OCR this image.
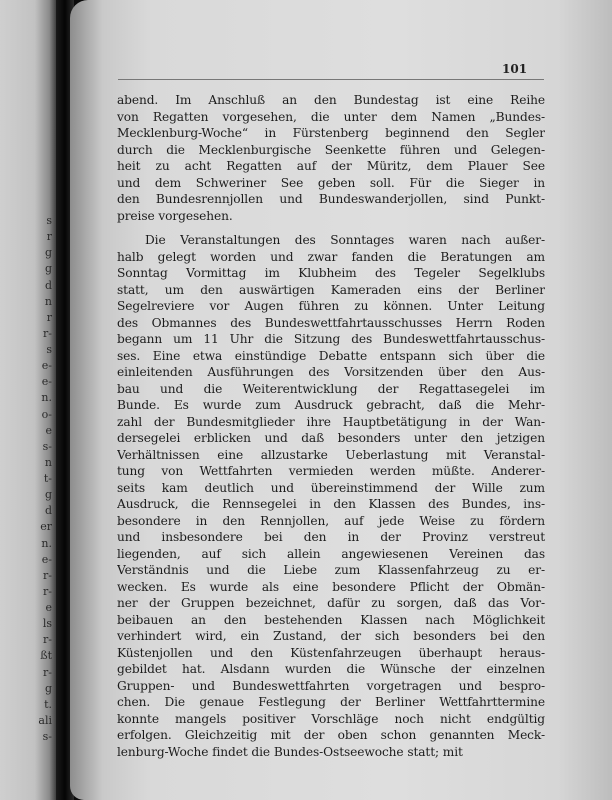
s
r
g
g
d
n
r
r-
s
e-
e-
n.
o-
e
s-
n
t-
g
d
er
n.
e-
r-
r-
e
ls
r-
ßt
r-
g
t.
ali
s-
101

abend. Im Anschluß an den Bundestag ist eine Reihe
von Regatten vorgesehen, die unter dem Namen „Bundes-
Mecklenburg-Woche“ in Fürstenberg beginnend den Segler
durch die Mecklenburgische Seenkette führen und Gelegen-
heit zu acht Regatten auf der Müritz, dem Plauer See
und dem Schweriner See geben soll. Für die Sieger in
den Bundesrennjollen und Bundeswanderjollen, sind Punkt-
preise vorgesehen.

Die Veranstaltungen des Sonntages waren nach außer-
halb gelegt worden und zwar fanden die Beratungen am
Sonntag Vormittag im Klubheim des Tegeler Segelklubs
statt, um den auswärtigen Kameraden eins der Berliner
Segelreviere vor Augen führen zu können. Unter Leitung
des Obmannes des Bundeswettfahrtausschusses Herrn Roden
begann um 11 Uhr die Sitzung des Bundeswettfahrtausschus-
ses. Eine etwa einstündige Debatte entspann sich über die
einleitenden Ausführungen des Vorsitzenden über den Aus-
bau und die Weiterentwicklung der Regattasegelei im
Bunde. Es wurde zum Ausdruck gebracht, daß die Mehr-
zahl der Bundesmitglieder ihre Hauptbetätigung in der Wan-
dersegelei erblicken und daß besonders unter den jetzigen
Verhältnissen eine allzustarke Ueberlastung mit Veranstal-
tung von Wettfahrten vermieden werden müßte. Anderer-
seits kam deutlich und übereinstimmend der Wille zum
Ausdruck, die Rennsegelei in den Klassen des Bundes, ins-
besondere in den Rennjollen, auf jede Weise zu fördern
und insbesondere bei den in der Provinz verstreut
liegenden, auf sich allein angewiesenen Vereinen das
Verständnis und die Liebe zum Klassenfahrzeug zu er-
wecken. Es wurde als eine besondere Pflicht der Obmän-
ner der Gruppen bezeichnet, dafür zu sorgen, daß das Vor-
beibauen an den bestehenden Klassen nach Möglichkeit
verhindert wird, ein Zustand, der sich besonders bei den
Küstenjollen und den Küstenfahrzeugen überhaupt heraus-
gebildet hat. Alsdann wurden die Wünsche der einzelnen
Gruppen- und Bundeswettfahrten vorgetragen und bespro-
chen. Die genaue Festlegung der Berliner Wettfahrttermine
konnte mangels positiver Vorschläge noch nicht endgültig
erfolgen. Gleichzeitig mit der oben schon genannten Meck-
lenburg-Woche findet die Bundes-Ostseewoche statt; mit
